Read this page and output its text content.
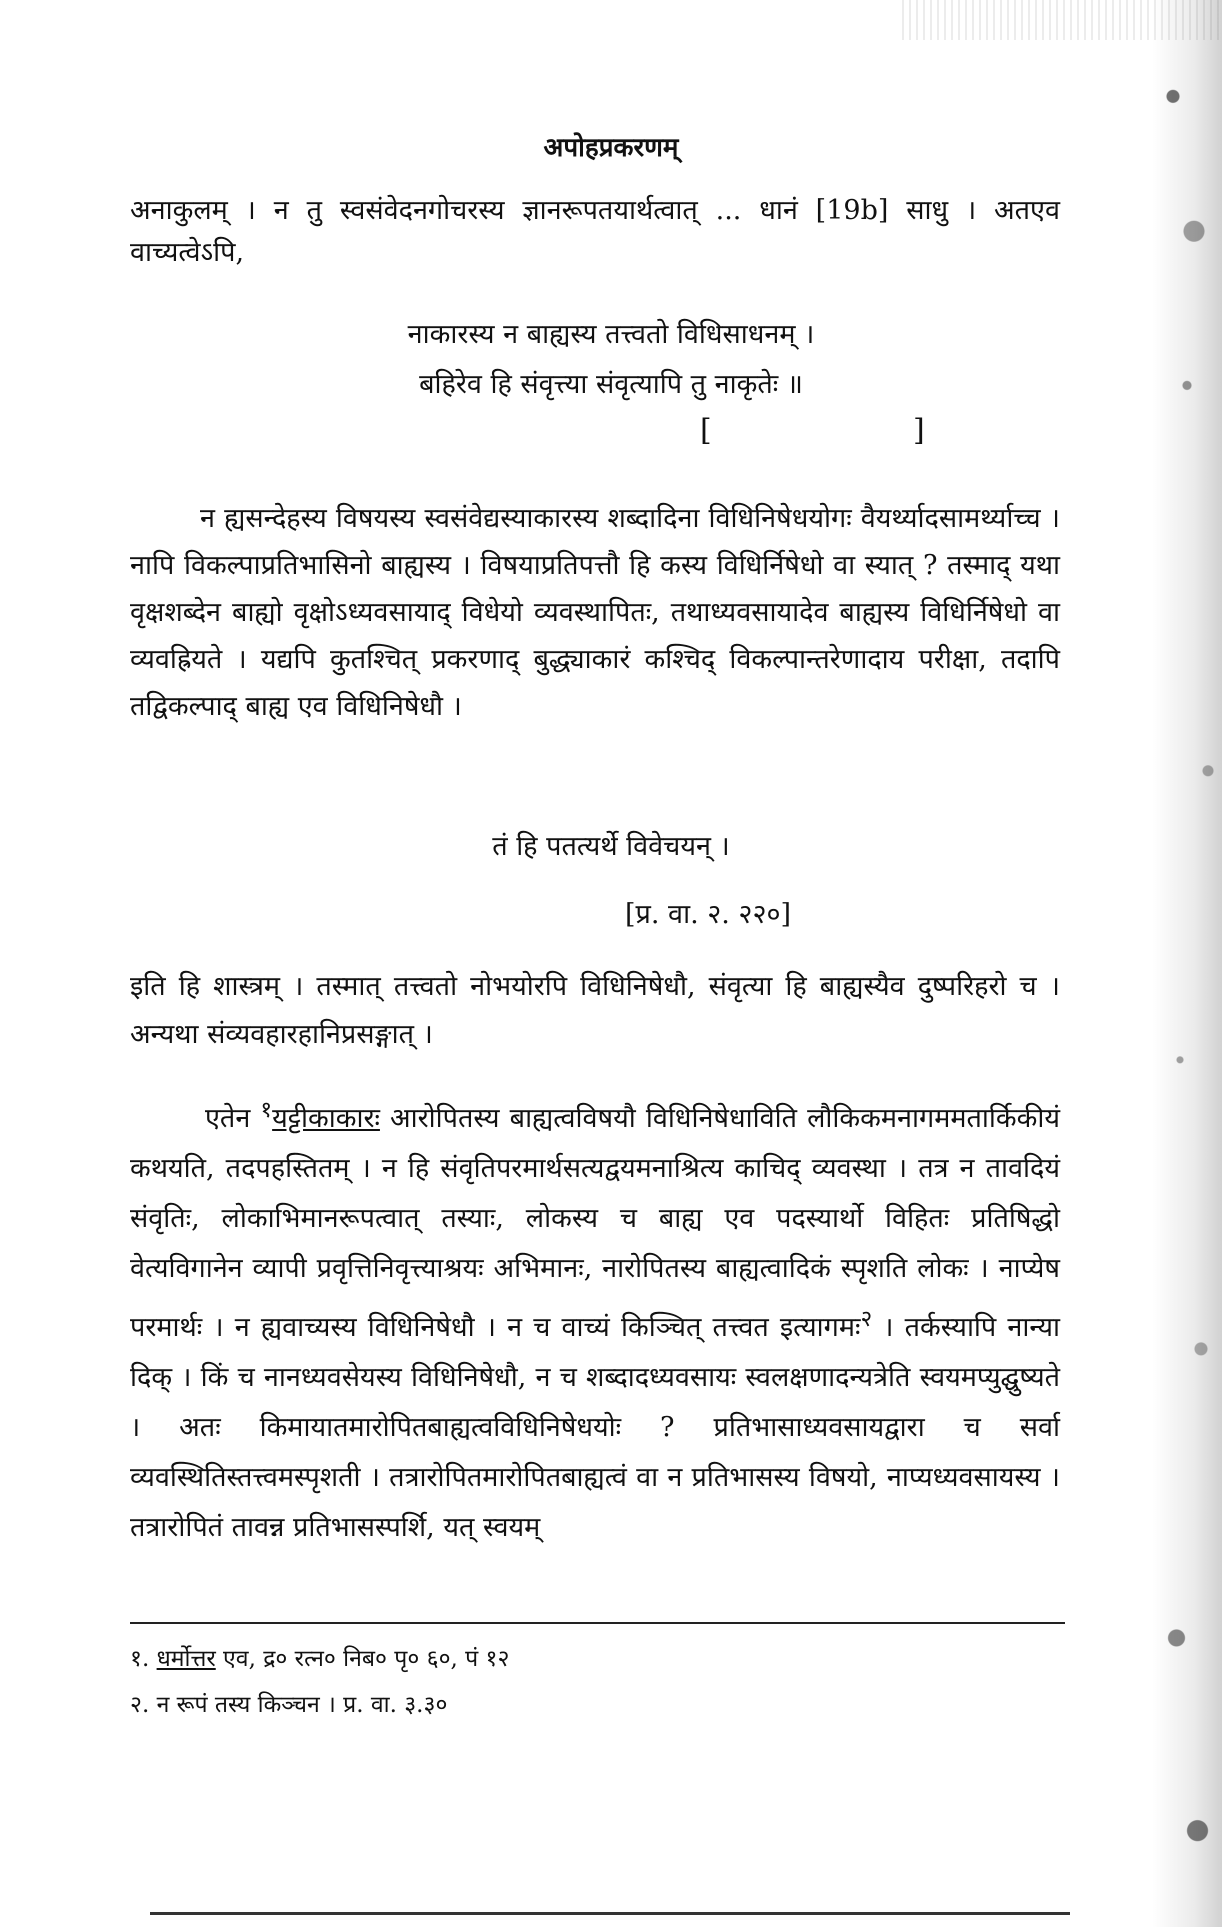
अपोहप्रकरणम्
अनाकुलम् । न तु स्वसंवेदनगोचरस्य ज्ञानरूपतयार्थत्वात् ... धानं [19b] साधु । अतएव वाच्यत्वेऽपि,
नाकारस्य न बाह्यस्य तत्त्वतो विधिसाधनम् ।
बहिरेव हि संवृत्त्या संवृत्यापि तु नाकृतेः ॥
[	]
न ह्यसन्देहस्य विषयस्य स्वसंवेद्यस्याकारस्य शब्दादिना विधिनिषेधयोगः वैयर्थ्यादसामर्थ्याच्च । नापि विकल्पाप्रतिभासिनो बाह्यस्य । विषयाप्रतिपत्तौ हि कस्य विधिर्निषेधो वा स्यात् ? तस्माद् यथा वृक्षशब्देन बाह्यो वृक्षोऽध्यवसायाद् विधेयो व्यवस्थापितः, तथाध्यवसायादेव बाह्यस्य विधिर्निषेधो वा व्यवह्रियते । यद्यपि कुतश्चित् प्रकरणाद् बुद्ध्याकारं कश्चिद् विकल्पान्तरेणादाय परीक्षा, तदापि तद्विकल्पाद् बाह्य एव विधिनिषेधौ ।
तं हि पतत्यर्थे विवेचयन् ।
[प्र. वा. २. २२०]
इति हि शास्त्रम् । तस्मात् तत्त्वतो नोभयोरपि विधिनिषेधौ, संवृत्या हि बाह्यस्यैव दुष्परिहरो च । अन्यथा संव्यवहारहानिप्रसङ्गात् ।
एतेन $^१$यट्टीकाकारः आरोपितस्य बाह्यत्वविषयौ विधिनिषेधाविति लौकिकमनागममतार्किकीयं कथयति, तदपहस्तितम् । न हि संवृतिपरमार्थसत्यद्वयमनाश्रित्य काचिद् व्यवस्था । तत्र न तावदियं संवृतिः, लोकाभिमानरूपत्वात् तस्याः, लोकस्य च बाह्य एव पदस्यार्थो विहितः प्रतिषिद्धो वेत्यविगानेन व्यापी प्रवृत्तिनिवृत्त्याश्रयः अभिमानः, नारोपितस्य बाह्यत्वादिकं स्पृशति लोकः । नाप्येष परमार्थः । न ह्यवाच्यस्य विधिनिषेधौ । न च वाच्यं किञ्चित् तत्त्वत इत्यागमः$^२$ । तर्कस्यापि नान्या दिक् । किं च नानध्यवसेयस्य विधिनिषेधौ, न च शब्दादध्यवसायः स्वलक्षणादन्यत्रेति स्वयमप्युद्घुष्यते । अतः किमायातमारोपितबाह्यत्वविधिनिषेधयोः ? प्रतिभासाध्यवसायद्वारा च सर्वा व्यवस्थितिस्तत्त्वमस्पृशती । तत्रारोपितमारोपितबाह्यत्वं वा न प्रतिभासस्य विषयो, नाप्यध्यवसायस्य । तत्रारोपितं तावन्न प्रतिभासस्पर्शि, यत् स्वयम्
१. धर्मोत्तर एव, द्र० रत्न० निब० पृ० ६०, पं १२
२. न रूपं तस्य किञ्चन । प्र. वा. ३.३०
